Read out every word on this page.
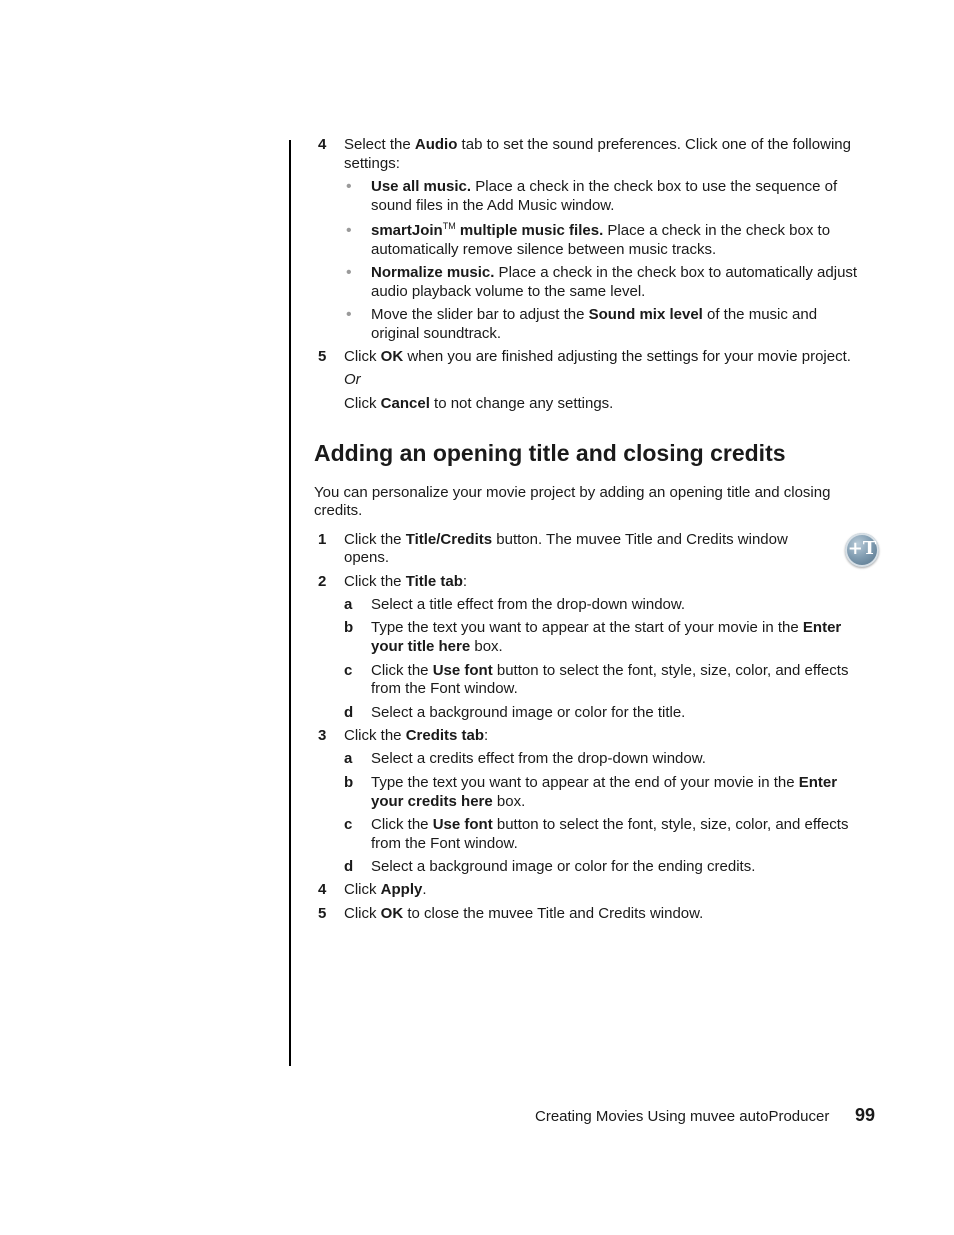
4 Select the Audio tab to set the sound preferences. Click one of the following

settings:

• Use all music. Place a check in the check box to use the sequence of

sound files in the Add Music window.

• smartJoin™ multiple music files. Place a check in the check box to

automatically remove silence between music tracks.

• Normalize music. Place a check in the check box to automatically adjust

audio playback volume to the same level.

• Move the slider bar to adjust the Sound mix level of the music and

original soundtrack.

5 Click OK when you are finished adjusting the settings for your movie project.

Or

Click Cancel to not change any settings.

Adding an opening title and closing credits

You can personalize your movie project by adding an opening title and closing

credits.

+T
1 Click the Title/Credits button. The muvee Title and Credits window

opens.

2 Click the Title tab:

a Select a title effect from the drop-down window.

b Type the text you want to appear at the start of your movie in the Enter

your title here box.

c Click the Use font button to select the font, style, size, color, and effects

from the Font window.

d Select a background image or color for the title.

3 Click the Credits tab:

a Select a credits effect from the drop-down window.

b Type the text you want to appear at the end of your movie in the Enter

your credits here box.

c Click the Use font button to select the font, style, size, color, and effects

from the Font window.

d Select a background image or color for the ending credits.

4 Click Apply.

5 Click OK to close the muvee Title and Credits window.

Creating Movies Using muvee autoProducer 99
